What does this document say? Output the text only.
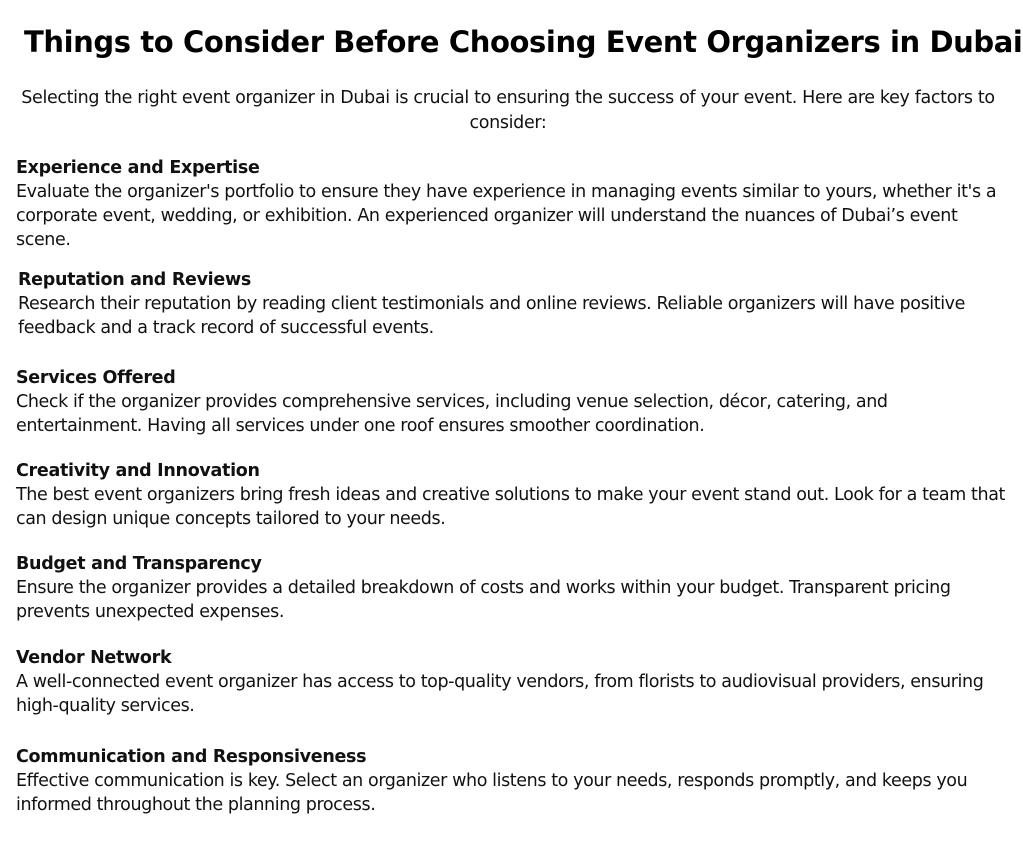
Things to Consider Before Choosing Event Organizers in Dubai

Selecting the right event organizer in Dubai is crucial to ensuring the success of your event. Here are key factors to consider:

Experience and Expertise

Evaluate the organizer's portfolio to ensure they have experience in managing events similar to yours, whether it's a corporate event, wedding, or exhibition. An experienced organizer will understand the nuances of Dubai’s event scene.

Reputation and Reviews

Research their reputation by reading client testimonials and online reviews. Reliable organizers will have positive feedback and a track record of successful events.

Services Offered

Check if the organizer provides comprehensive services, including venue selection, décor, catering, and entertainment. Having all services under one roof ensures smoother coordination.

Creativity and Innovation

The best event organizers bring fresh ideas and creative solutions to make your event stand out. Look for a team that can design unique concepts tailored to your needs.

Budget and Transparency

Ensure the organizer provides a detailed breakdown of costs and works within your budget. Transparent pricing prevents unexpected expenses.

Vendor Network

A well-connected event organizer has access to top-quality vendors, from florists to audiovisual providers, ensuring high-quality services.

Communication and Responsiveness

Effective communication is key. Select an organizer who listens to your needs, responds promptly, and keeps you informed throughout the planning process.
